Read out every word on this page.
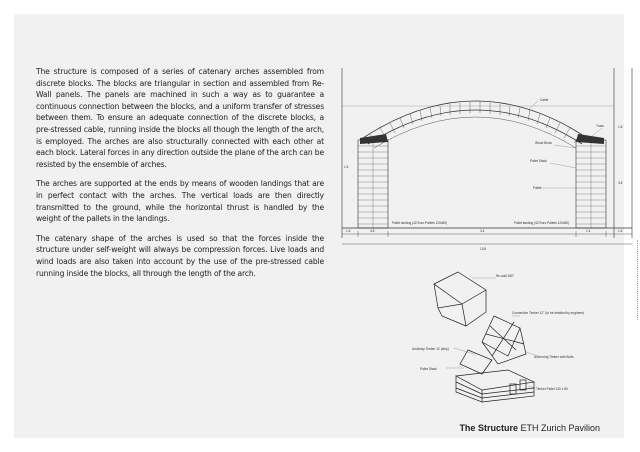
The structure is composed of a series of catenary arches assembled from discrete blocks. The blocks are triangular in section and assembled from Re-Wall panels. The panels are machined in such a way as to guarantee a continuous connection between the blocks, and a uniform transfer of stresses between them. To ensure an adequate connection of the discrete blocks, a pre-stressed cable, running inside the blocks all though the length of the arch, is employed. The arches are also structurally connected with each other at each block. Lateral forces in any direction outside the plane of the arch can be resisted by the ensemble of arches.

The arches are supported at the ends by means of wooden landings that are in perfect contact with the arches. The vertical loads are then directly transmitted to the ground, while the horizontal thrust is handled by the weight of the pallets in the landings.

The catenary shape of the arches is used so that the forces inside the structure under self-weight will always be compression forces. Live loads and wind loads are also taken into account by the use of the pre-stressed cable running inside the blocks, all through the length of the arch.

Cable
Truss
Wood Block
Pallet Stack
Pallet
Pallet landing (42 Euro Pallets 120x80)	Pallet landing (42 Euro Pallets 120x80)
1.6	4.8	3.4	1.4	1.6
13.8
1.5
3.6
1.8
Re-wall 180°
Connection Timber 12° (to be detailed by engineer)
Underlay Timber 12 (strip)
Pallet Stack
Anchoring Timber with Bolts
Timber Pallet 120 x 80
The Structure ETH Zurich Pavilion
